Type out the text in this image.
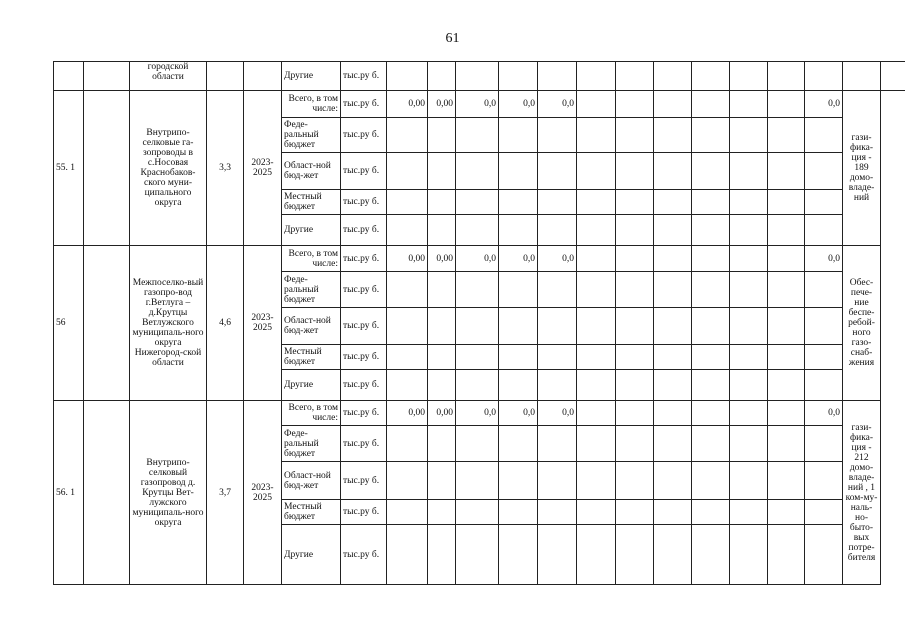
61
		городской области			Другие	тыс.ру б.														
55. 1		Внутрипо-селковые га-зопроводы в с.Носовая Краснобаков-ского муни-ципального округа	3,3	2023-2025	Всего, в том числе:	тыс.ру б.	0,00	0,00	0,0	0,0	0,0							0,0	гази-фика-ция - 189 домо-владе-ний	
					Феде-ральный бюджет	тыс.ру б.														
					Област-ной бюд-жет	тыс.ру б.														
					Местный бюджет	тыс.ру б.														
					Другие	тыс.ру б.														
56		Межпоселко-вый газопро-вод г.Ветлуга – д.Крутцы Ветлужского муниципаль-ного округа Нижегород-ской области	4,6	2023-2025	Всего, в том числе:	тыс.ру б.	0,00	0,00	0,0	0,0	0,0							0,0	Обес-пече-ние беспе-ребой-ного газо-снаб-жения	
					Феде-ральный бюджет	тыс.ру б.														
					Област-ной бюд-жет	тыс.ру б.														
					Местный бюджет	тыс.ру б.														
					Другие	тыс.ру б.														
56. 1		Внутрипо-селковый газопровод д. Крутцы Вет-лужского муниципаль-ного округа	3,7	2023-2025	Всего, в том числе:	тыс.ру б.	0,00	0,00	0,0	0,0	0,0							0,0	гази-фика-ция - 212 домо-владе-ний , 1 ком-му-наль-но-быто-вых потре-бителя	
					Феде-ральный бюджет	тыс.ру б.														
					Област-ной бюд-жет	тыс.ру б.														
					Местный бюджет	тыс.ру б.														
					Другие	тыс.ру б.														
